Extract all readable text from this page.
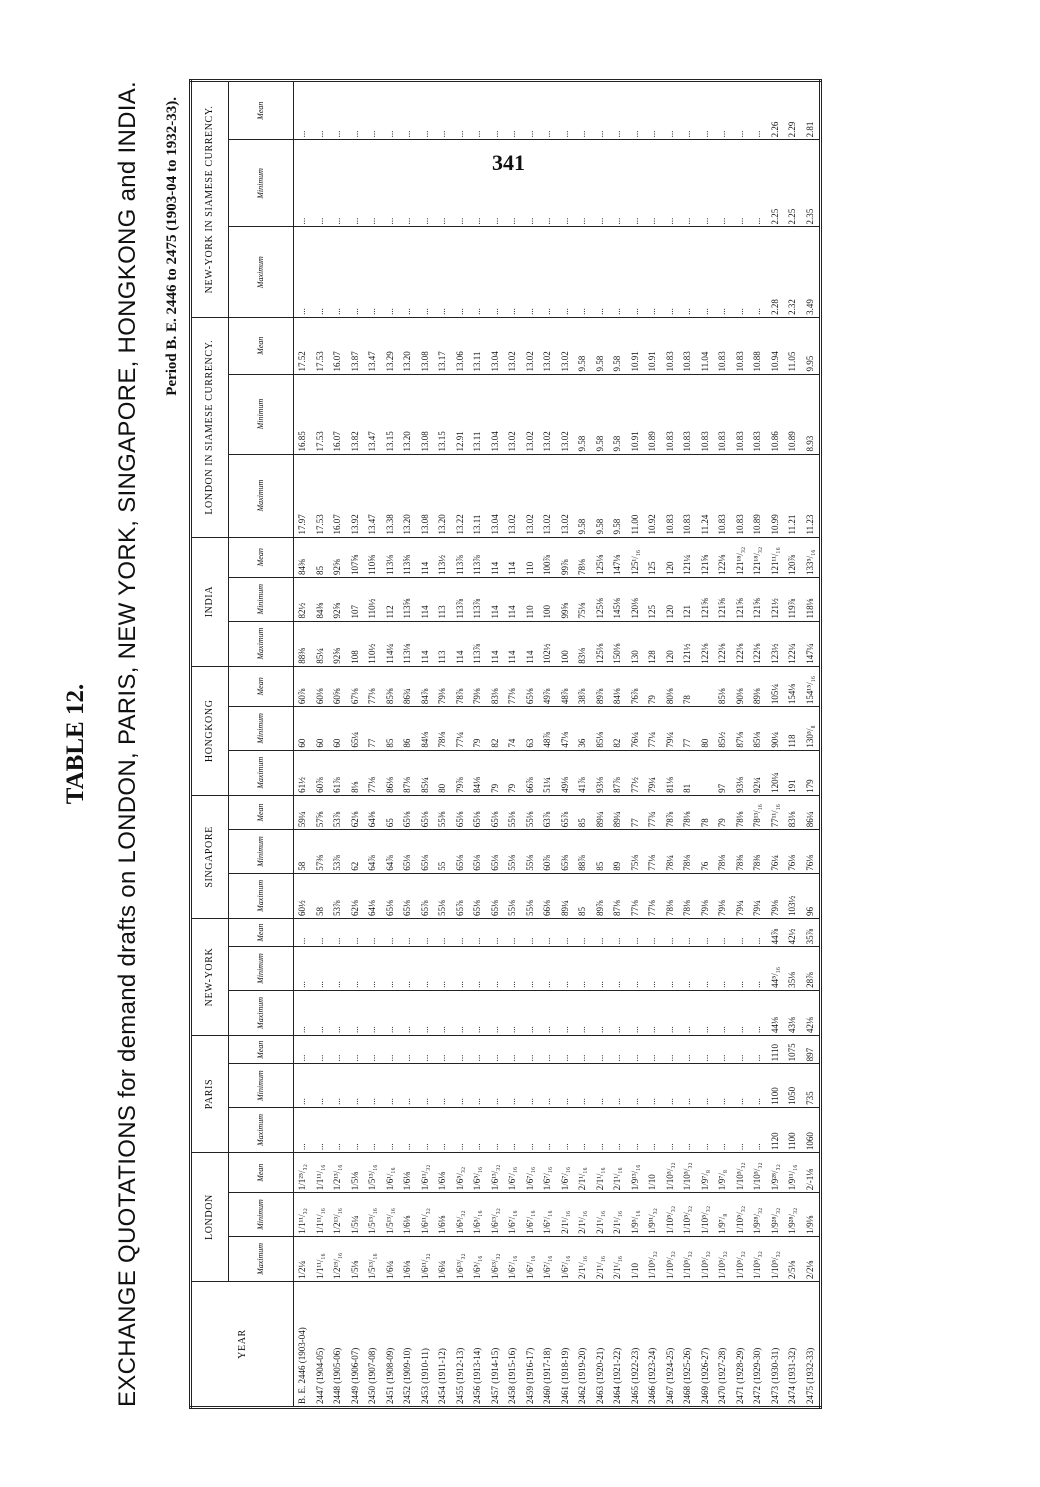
341
TABLE 12. EXCHANGE QUOTATIONS for demand drafts on LONDON, PARIS, NEW YORK, SINGAPORE, HONGKONG and INDIA. Period B. E. 2446 to 2475 (1903-04 to 1932-33).
YEAR	LONDON			PARIS			NEW-YORK			SINGAPORE			HONGKONG			INDIA			LONDON IN SIAMESE CURRENCY.			NEW-YORK IN SIAMESE CURRENCY.		
	Maximum	Minimum	Mean	Maximum	Minimum	Mean	Maximum	Minimum	Mean	Maximum	Minimum	Mean	Maximum	Minimum	Mean	Maximum	Minimum	Mean	Maximum	Minimum	Mean	Maximum	Minimum	Mean
B. E. 2446 (1903-04)	1/2¼	1/1¹¹/₃₂	1/1²⁵/₃₂	...	...	...	...	...	...	60½	58	59¼	61½	60	60⅞	88⅜	82½	84⅜	17.97	16.85	17.52	...	...	...
2447 (1904-05)	1/1¹¹/₁₆	1/1¹¹/₁₆	1/1¹¹/₁₆	...	...	...	...	...	...	58	57⅜	57⅝	60⅞	60	60⅛	85¼	84⅜	85	17.53	17.53	17.53	...	...	...
2448 (1905-06)	1/2¹⁹/₁₆	1/2¹³/₁₆	1/2¹³/₁₆	...	...	...	...	...	...	53⅞	53⅞	53⅞	61⅞	60	60⅝	92⅝	92⅝	92⅝	16.07	16.07	16.07	...	...	...
2449 (1906-07)	1/5⅛	1/5¼	1/5⅛	...	...	...	...	...	...	62⅛	62	62⅛	8⅛	65¼	67⅛	108	107	107⅝	13.92	13.82	13.87	...	...	...
2450 (1907-08)	1/5¹³/₁₆	1/5¹³/₁₆	1/5¹³/₁₆	...	...	...	...	...	...	64⅛	64⅞	64⅜	77⅛	77	77⅛	110½	110½	110⅝	13.47	13.47	13.47	...	...	...
2451 (1908-09)	1/6¼	1/5¹³/₁₆	1/6¹/₁₆	...	...	...	...	...	...	65⅛	64⅞	65	86⅛	85	85⅜	114¼	112	113⅛	13.38	13.15	13.29	...	...	...
2452 (1909-10)	1/6⅛	1/6⅛	1/6⅛	...	...	...	...	...	...	65⅛	65⅛	65⅛	87⅛	86	86¾	113⅛	113⅝	113⅝	13.20	13.20	13.20	...	...	...
2453 (1910-11)	1/6¹¹/₃₂	1/6¹¹/₃₂	1/6¹¹/₃₂	...	...	...	...	...	...	65⅞	65⅛	65⅛	85¼	84⅛	84⅞	114	114	114	13.08	13.08	13.08	...	...	...
2454 (1911-12)	1/6¼	1/6⅛	1/6⅛	...	...	...	...	...	...	55⅛	55	55⅜	80	78⅛	79⅛	113	113	113½	13.20	13.15	13.17	...	...	...
2455 (1912-13)	1/6¹³/₃₂	1/6⁵/₃₂	1/6⁵/₃₂	...	...	...	...	...	...	65⅞	65⅛	65⅛	79⅞	77¼	78⅞	114	113⅞	113⅞	13.22	12.91	13.06	...	...	...
2456 (1913-14)	1/6⁵/₁₆	1/6⁵/₁₆	1/6⁵/₁₆	...	...	...	...	...	...	65⅛	65⅛	65⅛	84⅛	79	79⅛	113⅞	113⅞	113⅞	13.11	13.11	13.11	...	...	...
2457 (1914-15)	1/6¹³/₃₂	1/6¹³/₃₂	1/6¹³/₃₂	...	...	...	...	...	...	65⅛	65⅛	65⅛	79	82	83⅛	114	114	114	13.04	13.04	13.04	...	...	...
2458 (1915-16)	1/6⁷/₁₆	1/6⁷/₁₆	1/6⁷/₁₆	...	...	...	...	...	...	55⅛	55⅛	55⅛	79	74	77⅛	114	114	114	13.02	13.02	13.02	...	...	...
2459 (1916-17)	1/6⁷/₁₆	1/6⁷/₁₆	1/6⁷/₁₆	...	...	...	...	...	...	55⅛	55⅛	55⅛	66⅞	63	65⅛	114	110	110	13.02	13.02	13.02	...	...	...
2460 (1917-18)	1/6⁷/₁₆	1/6⁷/₁₆	1/6⁷/₁₆	...	...	...	...	...	...	66⅛	60⅞	63⅞	51¼	48⅞	49⅞	102½	100	100⅞	13.02	13.02	13.02	...	...	...
2461 (1918-19)	1/6⁷/₁₆	2/1¹/₁₆	1/6⁷/₁₆	...	...	...	...	...	...	89¼	65⅜	65⅞	49⅛	47⅛	48⅞	100	99⅝	99⅞	13.02	13.02	13.02	...	...	...
2462 (1919-20)	2/1¹/₁₆	2/1¹/₁₆	2/1¹/₁₆	...	...	...	...	...	...	85	88⅞	85	41⅞	36	38⅞	83⅛	75⅛	78⅛	9.58	9.58	9.58	...	...	...
2463 (1920-21)	2/1¹/₁₆	2/1¹/₁₆	2/1¹/₁₆	...	...	...	...	...	...	89⅞	85	89¼	93⅛	85⅛	89⅞	125⅛	125⅛	125⅛	9.58	9.58	9.58	...	...	...
2464 (1921-22)	2/1¹/₁₆	2/1¹/₁₆	2/1¹/₁₆	...	...	...	...	...	...	87⅛	89	89¼	87⅞	82	84⅛	150⅛	145⅛	147⅛	9.58	9.58	9.58	...	...	...
2465 (1922-23)	1/10	1/9⁵/₁₆	1/9¹³/₁₆	...	...	...	...	...	...	77⅛	75⅛	77	77½	76¼	76⅞	130	120⅛	125¹/₁₆	11.00	10.91	10.91	...	...	...
2466 (1923-24)	1/10⁵/₃₂	1/9³¹/₃₂	1/10	...	...	...	...	...	...	77⅛	77⅛	77¾	79¼	77¼	79	128	125	125	10.92	10.89	10.91	...	...	...
2467 (1924-25)	1/10⁵/₃₂	1/10⁵/₃₂	1/10⁵/₃₂	...	...	...	...	...	...	78⅛	78¼	78⅞	81⅛	79¼	80⅛	120	120	120	10.83	10.83	10.83	...	...	...
2468 (1925-26)	1/10⁵/₃₂	1/10⁵/₃₂	1/10⁵/₃₂	...	...	...	...	...	...	78⅛	78⅛	78⅛	81	77	78	121½	121	121¼	10.83	10.83	10.83	...	...	...
2469 (1926-27)	1/10⁵/₃₂	1/10⁵/₃₂	1/9⁷/₈	...	...	...	...	...	...	79⅛	76	78		80		122⅛	121⅝	121⅝	11.24	10.83	11.04	...	...	...
2470 (1927-28)	1/10⁵/₃₂	1/9⁷/₈	1/9⁷/₈	...	...	...	...	...	...	79⅛	78⅛	79	97	85½	85⅛	122⅛	121⅝	122⅛	10.83	10.83	10.83	...	...	...
2471 (1928-29)	1/10⁵/₃₂	1/10⁵/₃₂	1/10⁵/₃₂	...	...	...	...	...	...	79¼	78⅜	78⅛	93⅛	87⅛	90⅛	122⅛	121⅝	121¹⁸/₃₂	10.83	10.83	10.83	...	...	...
2472 (1929-30)	1/10⁵/₃₂	1/9²⁸/₃₂	1/10⁵/₃₂	...	...	...	...	...	...	79¼	78⅜	78¹³/₁₆	92¼	85⅛	89⅛	122⅛	121⅝	121¹⁸/₃₂	10.89	10.83	10.88	...	...	...
2473 (1930-31)	1/10⁵/₃₂	1/9²⁸/₃₂	1/9²⁸/₃₂	1120	1100	1110	44⅛	44⁵/₁₆	44⅞	79⅛	76¼	77¹¹/₁₆	120¼	90¼	105¼	123½	121½	121¹¹/₁₆	10.99	10.86	10.94	2.28	2.25	2.26
2474 (1931-32)	2/5⅛	1/9²⁸/₃₂	1/9¹¹/₁₆	1100	1050	1075	43⅛	35⅛	42½	103½	76⅛	83⅛	191	118	154⅛	122¼	119⅞	120⅞	11.21	10.89	11.05	2.32	2.25	2.29
2475 (1932-33)	2/2⅛	1/9⅛	2/-1⅛	1060	735	897	42⅛	28⅞	35⅞	96	76⅛	86¼	179	130⁵/₈	154¹⁵/₁₆	147¼	118⅛	133⁵/₁₆	11.23	8.93	9.95	3.49	2.35	2.81
